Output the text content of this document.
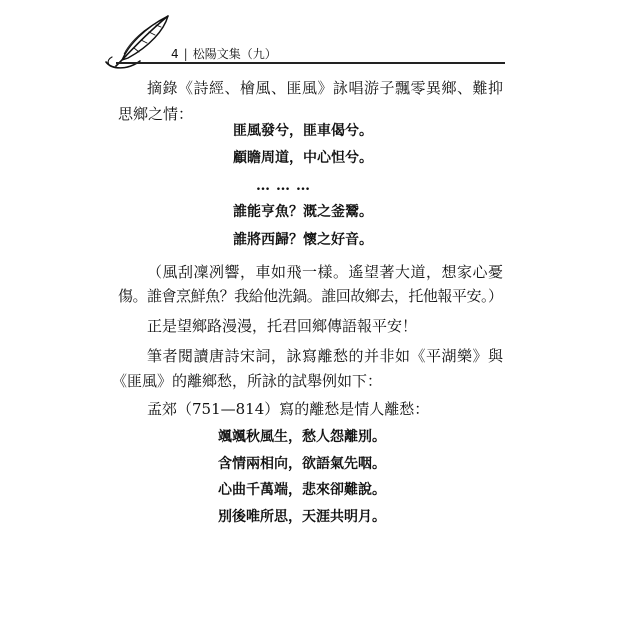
4 | 松陽文集（九）
摘錄《詩經、檜風、匪風》詠唱游子飄零異鄉、難抑
思鄉之情：
匪風發兮，匪車偈兮。
顧瞻周道，中心怛兮。
………
誰能亨魚？溉之釜鬵。
誰將西歸？懷之好音。
（風刮凜冽響，車如飛一樣。遙望著大道，想家心憂
傷。誰會烹鮮魚？我給他洗鍋。誰回故鄉去，托他報平安。）
正是望鄉路漫漫，托君回鄉傳語報平安！
筆者閱讀唐詩宋詞，詠寫離愁的并非如《平湖樂》與
《匪風》的離鄉愁，所詠的試舉例如下：
孟郊（751—814）寫的離愁是情人離愁：
颯颯秋風生，愁人怨離別。
含情兩相向，欲語氣先咽。
心曲千萬端，悲來卻難說。
別後唯所思，天涯共明月。
